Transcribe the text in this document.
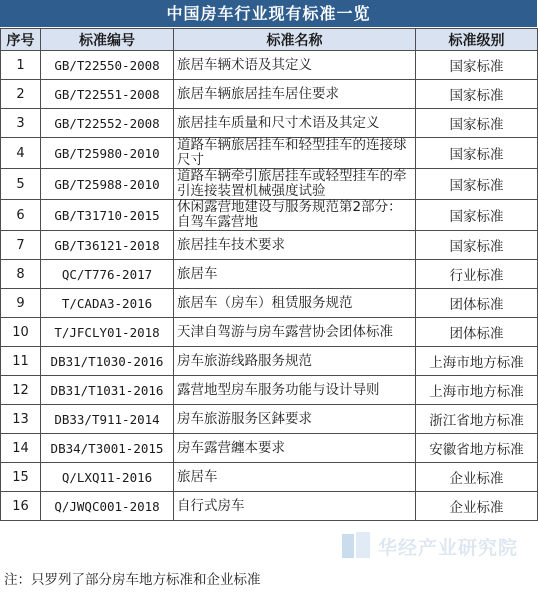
中国房车行业现有标准一览
序号	标准编号	标准名称	标准级别
1	GB/T22550-2008	旅居车辆术语及其定义	国家标准
2	GB/T22551-2008	旅居车辆旅居挂车居住要求	国家标准
3	GB/T22552-2008	旅居挂车质量和尺寸术语及其定义	国家标准
4	GB/T25980-2010	道路车辆旅居挂车和轻型挂车的连接球尺寸	国家标准
5	GB/T25988-2010	道路车辆牵引旅居挂车或轻型挂车的牵引连接装置机械强度试验	国家标准
6	GB/T31710-2015	休闲露营地建设与服务规范第2部分：自驾车露营地	国家标准
7	GB/T36121-2018	旅居挂车技术要求	国家标准
8	QC/T776-2017	旅居车	行业标准
9	T/CADA3-2016	旅居车（房车）租赁服务规范	团体标准
10	T/JFCLY01-2018	天津自驾游与房车露营协会团体标准	团体标准
11	DB31/T1030-2016	房车旅游线路服务规范	上海市地方标准
12	DB31/T1031-2016	露营地型房车服务功能与设计导则	上海市地方标准
13	DB33/T911-2014	房车旅游服务区鉢要求	浙江省地方标准
14	DB34/T3001-2015	房车露营纏本要求	安徽省地方标准
15	Q/LXQ11-2016	旅居车	企业标准
16	Q/JWQC001-2018	自行式房车	企业标准
华经产业研究院
注：只罗列了部分房车地方标准和企业标准
